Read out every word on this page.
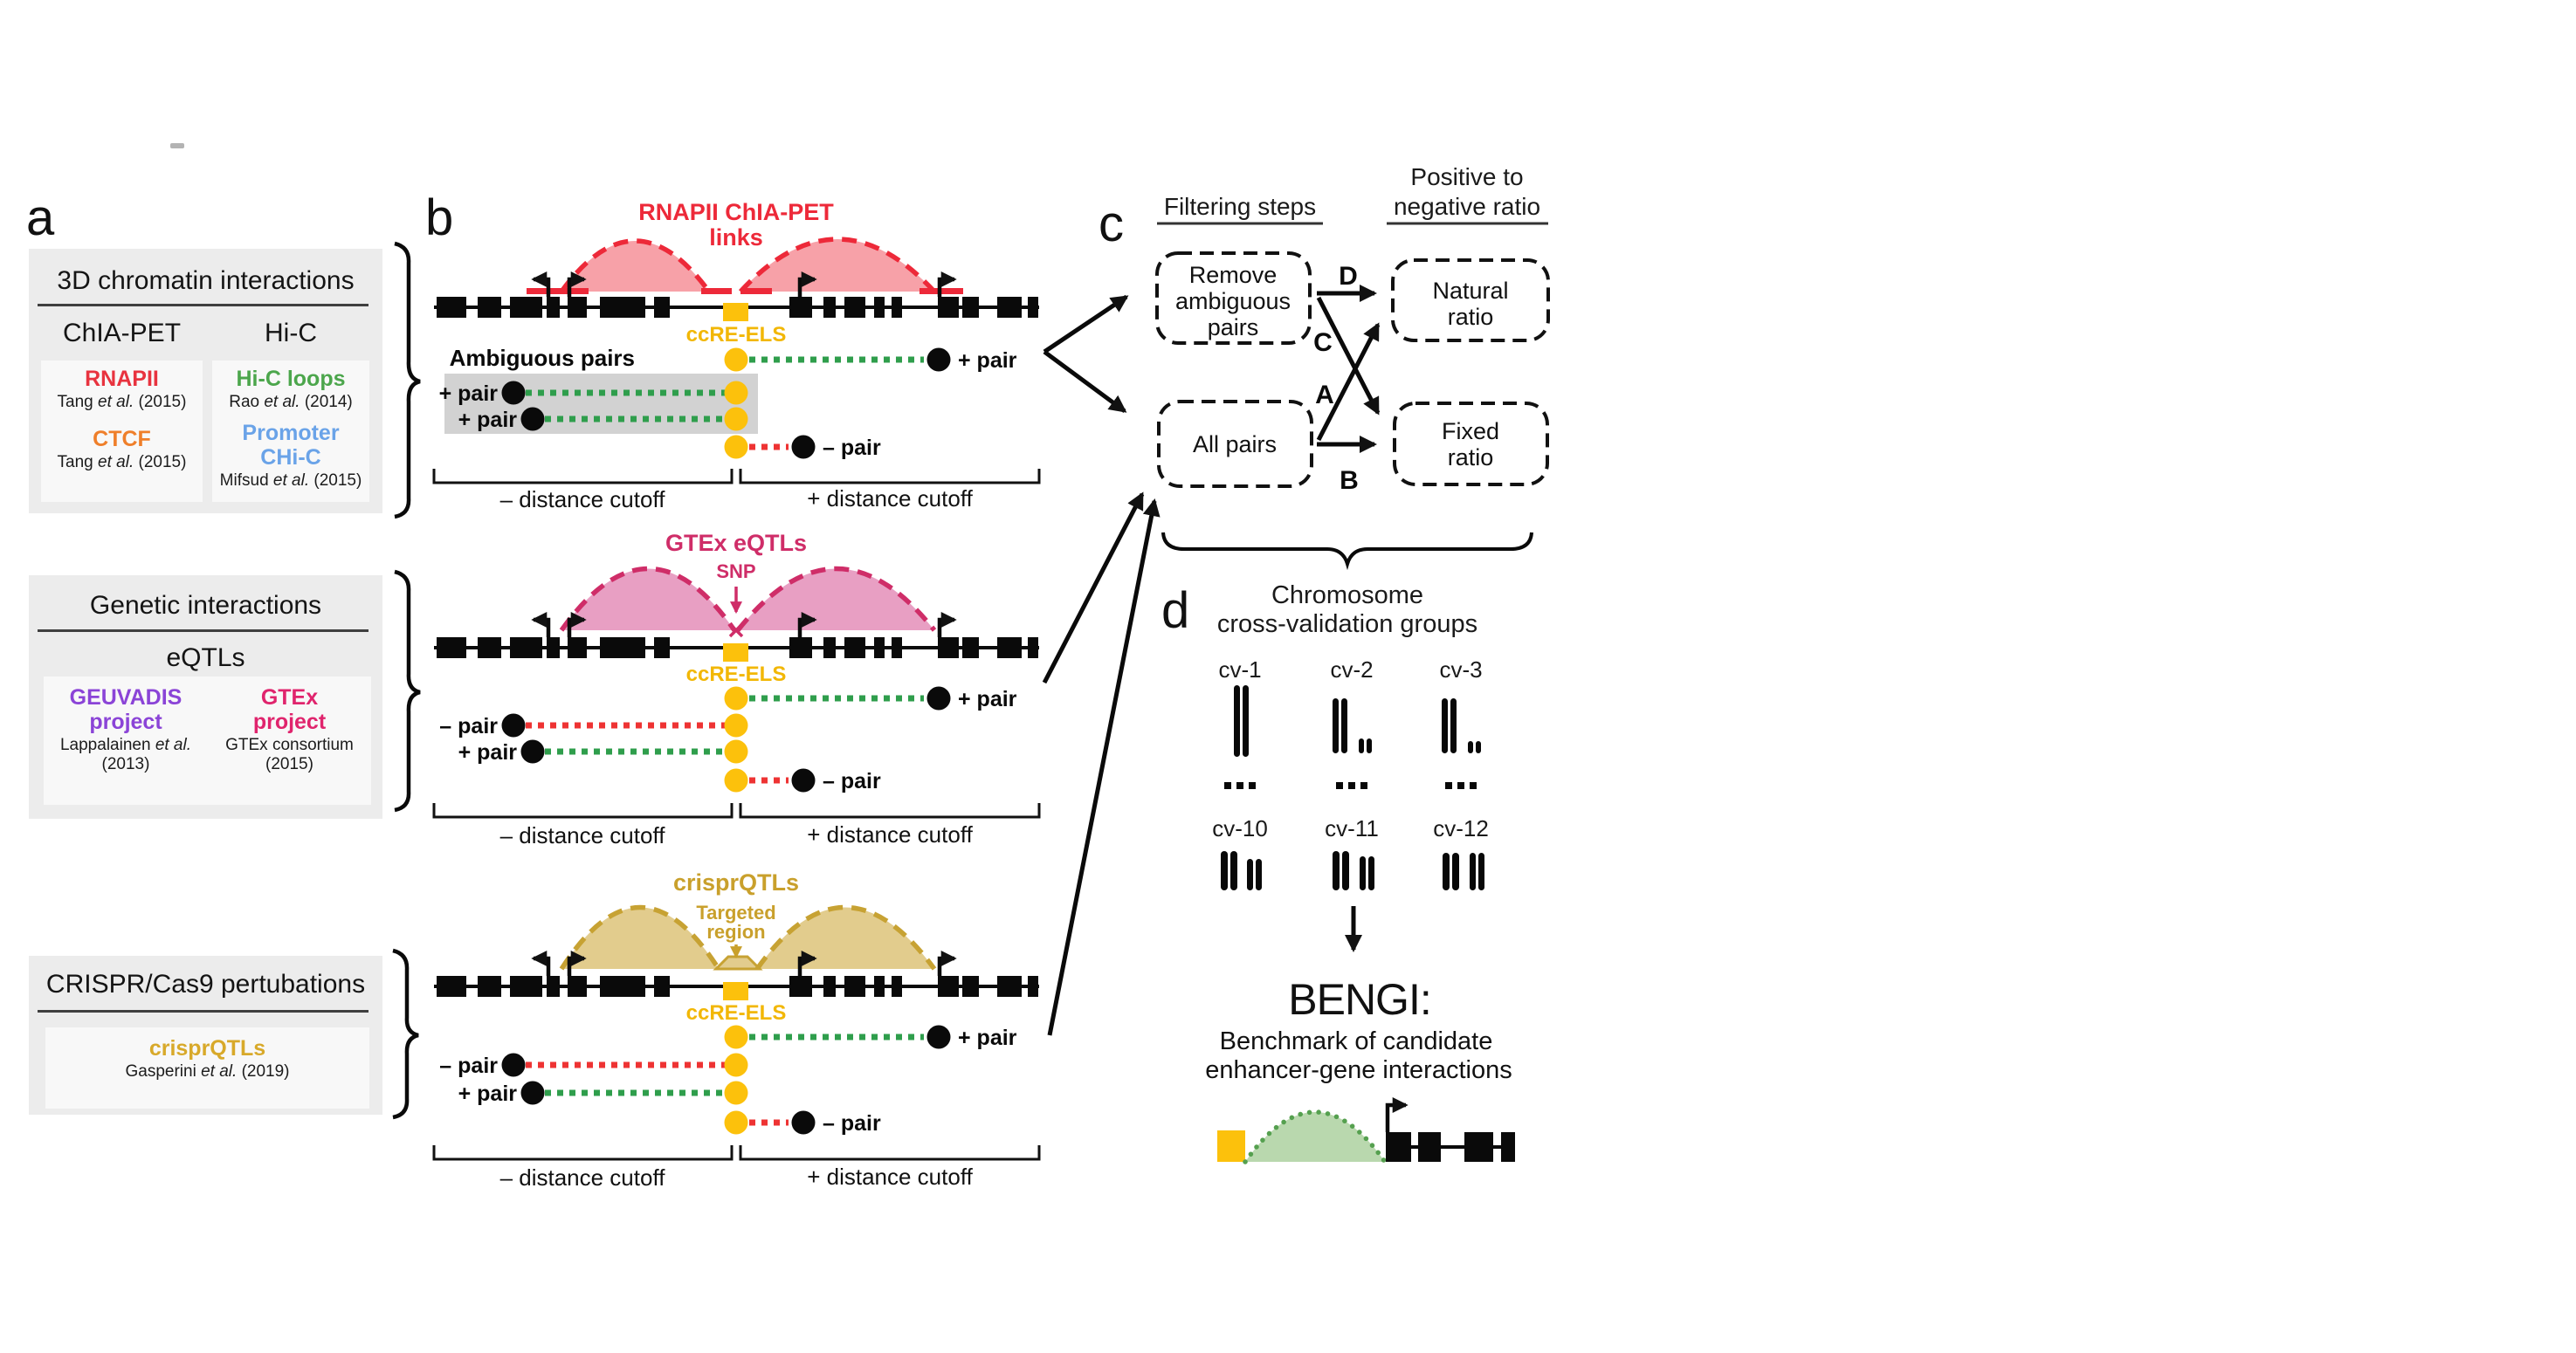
a	b	c
d
3D chromatin interactions
ChIA-PET	Hi-C
RNAPII
Tang et al. (2015)
CTCF
Tang et al. (2015)
Hi-C loops
Rao et al. (2014)
Promoter CHi-C
Mifsud et al. (2015)
Genetic interactions
eQTLs
GEUVADIS project
Lappalainen et al. (2013)
GTEx project
GTEx consortium (2015)
CRISPR/Cas9 pertubations
crisprQTLs
Gasperini et al. (2019)
RNAPII ChIA-PET
links
ccRE-ELS
Ambiguous pairs	+ pair
+ pair
+ pair
– pair
– distance cutoff	+ distance cutoff
GTEx eQTLs
SNP
ccRE-ELS
+ pair
– pair
+ pair
– pair
– distance cutoff	+ distance cutoff
crisprQTLs
Targeted
region
ccRE-ELS
+ pair
– pair
+ pair
– pair
– distance cutoff	+ distance cutoff
Filtering steps
Positive to
negative ratio
Remove
ambiguous
pairs
Natural
ratio
All pairs	Fixed
ratio
D
C
A
B
Chromosome
cross-validation groups
cv-1	cv-2	cv-3
cv-10	cv-11 cv-12
BENGI:
Benchmark of candidate
enhancer-gene interactions
